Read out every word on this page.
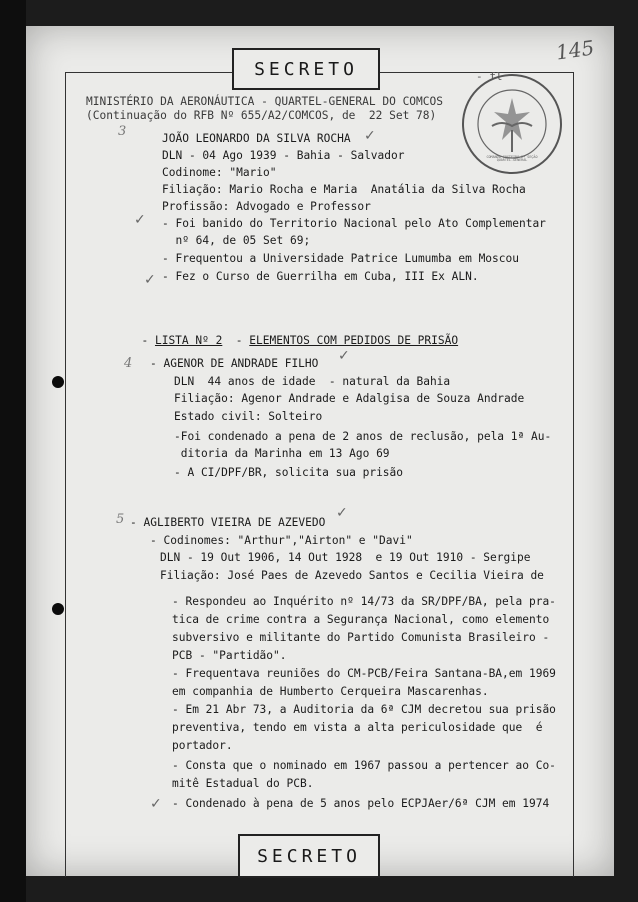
145
SECRETO	- fl
COMANDO COSTEIRO 2ª SEÇÃO QUARTEL-GENERAL
MINISTÉRIO DA AERONÁUTICA - QUARTEL-GENERAL DO COMCOS
(Continuação do RFB Nº 655/A2/COMCOS, de  22 Set 78)
3
4
5
JOÃO LEONARDO DA SILVA ROCHA ✓
DLN - 04 Ago 1939 - Bahia - Salvador
Codinome: "Mario"
Filiação: Mario Rocha e Maria  Anatália da Silva Rocha
Profissão: Advogado e Professor
✓ - Foi banido do Territorio Nacional pelo Ato Complementar
nº 64, de 05 Set 69;
- Frequentou a Universidade Patrice Lumumba em Moscou
✓ - Fez o Curso de Guerrilha em Cuba, III Ex ALN.

- LISTA Nº 2  - ELEMENTOS COM PEDIDOS DE PRISÃO

- AGENOR DE ANDRADE FILHO ✓
DLN  44 anos de idade  - natural da Bahia
Filiação: Agenor Andrade e Adalgisa de Souza Andrade
Estado civil: Solteiro
-Foi condenado a pena de 2 anos de reclusão, pela 1ª Au-
ditoria da Marinha em 13 Ago 69
- A CI/DPF/BR, solicita sua prisão
- AGLIBERTO VIEIRA DE AZEVEDO
✓
- Codinomes: "Arthur","Airton" e "Davi"
DLN - 19 Out 1906, 14 Out 1928  e 19 Out 1910 - Sergipe
Filiação: José Paes de Azevedo Santos e Cecilia Vieira de
- Respondeu ao Inquérito nº 14/73 da SR/DPF/BA, pela pra-
tica de crime contra a Segurança Nacional, como elemento
subversivo e militante do Partido Comunista Brasileiro -
PCB - "Partidão".
- Frequentava reuniões do CM-PCB/Feira Santana-BA,em 1969
em companhia de Humberto Cerqueira Mascarenhas.
- Em 21 Abr 73, a Auditoria da 6ª CJM decretou sua prisão
preventiva, tendo em vista a alta periculosidade que  é
portador.
- Consta que o nominado em 1967 passou a pertencer ao Co-
mitê Estadual do PCB.
✓ - Condenado à pena de 5 anos pelo ECPJAer/6ª CJM em 1974
SECRETO
